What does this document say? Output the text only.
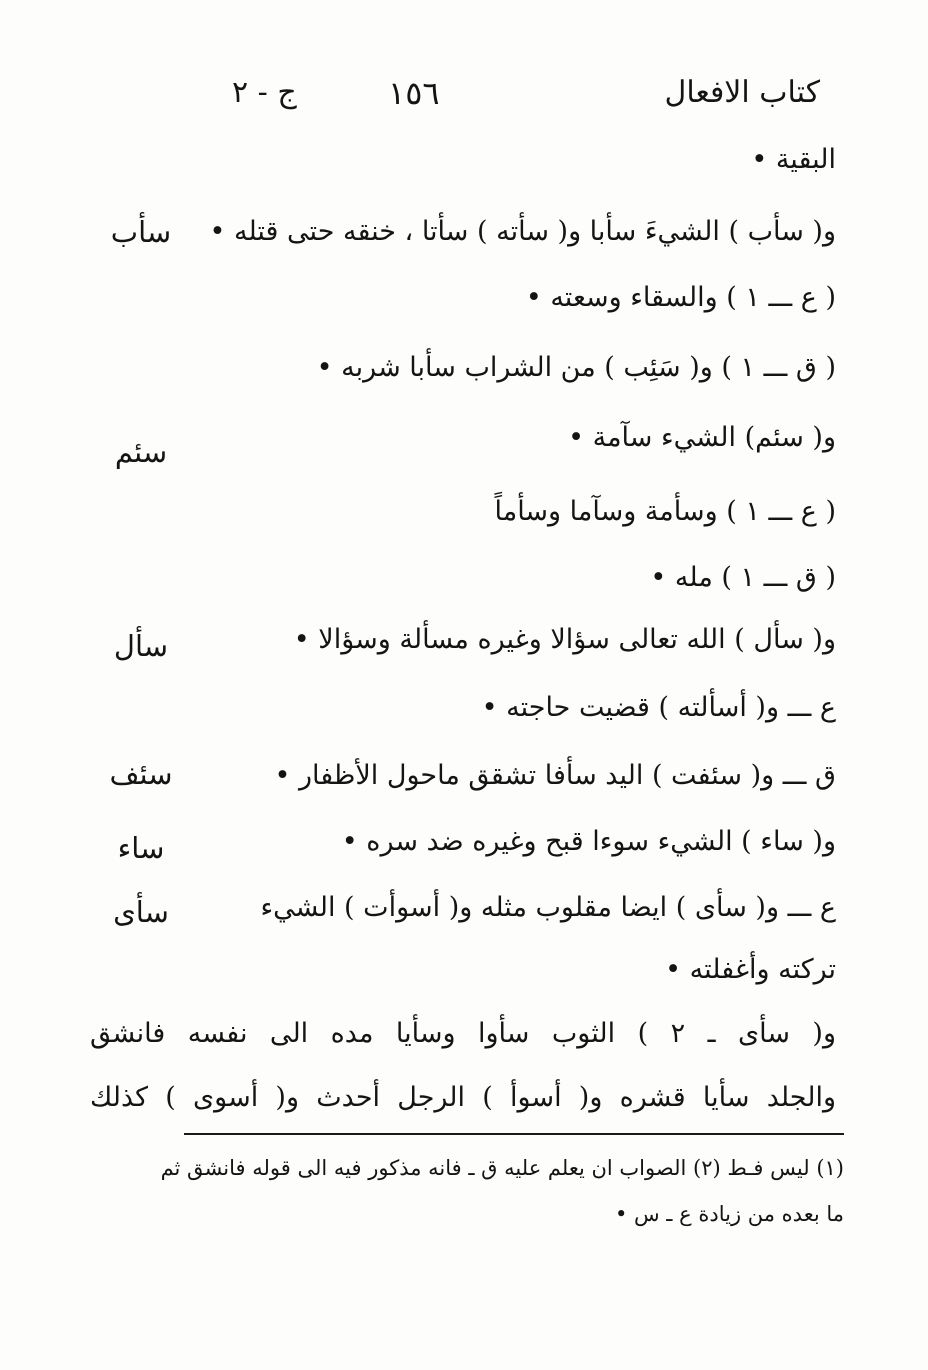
كتاب الافعال
١٥٦
ج - ٢
البقية •
و( سأب ) الشيءَ سأبا و( سأته ) سأتا ، خنقه حتى قتله •
( ع ـــ ١ ) والسقاء وسعته •
( ق ـــ ١ ) و( سَئِب ) من الشراب سأبا شربه •
و( سئم) الشيء سآمة •
( ع ـــ ١ ) وسأمة وسآما وسأماً
( ق ـــ ١ ) مله •
و( سأل ) الله تعالى سؤالا وغيره مسألة وسؤالا •
ع ـــ و( أسألته ) قضيت حاجته •
ق ـــ و( سئفت ) اليد سأفا تشقق ماحول الأظفار •
و( ساء ) الشيء سوءا قبح وغيره ضد سره •
ع ـــ و( سأى ) ايضا مقلوب مثله و( أسوأت ) الشيء
تركته وأغفلته •
و( سأى ـ ٢ ) الثوب سأوا وسأيا مده الى نفسه فانشق
والجلد سأيا قشره و( أسوأ ) الرجل أحدث و( أسوى ) كذلك
سأب
سئم
سأل
سئف
ساء
سأى
(١) ليس فـط (٢) الصواب ان يعلم عليه ق ـ فانه مذكور فيه الى قوله فانشق ثم
ما بعده من زيادة ع ـ س •
